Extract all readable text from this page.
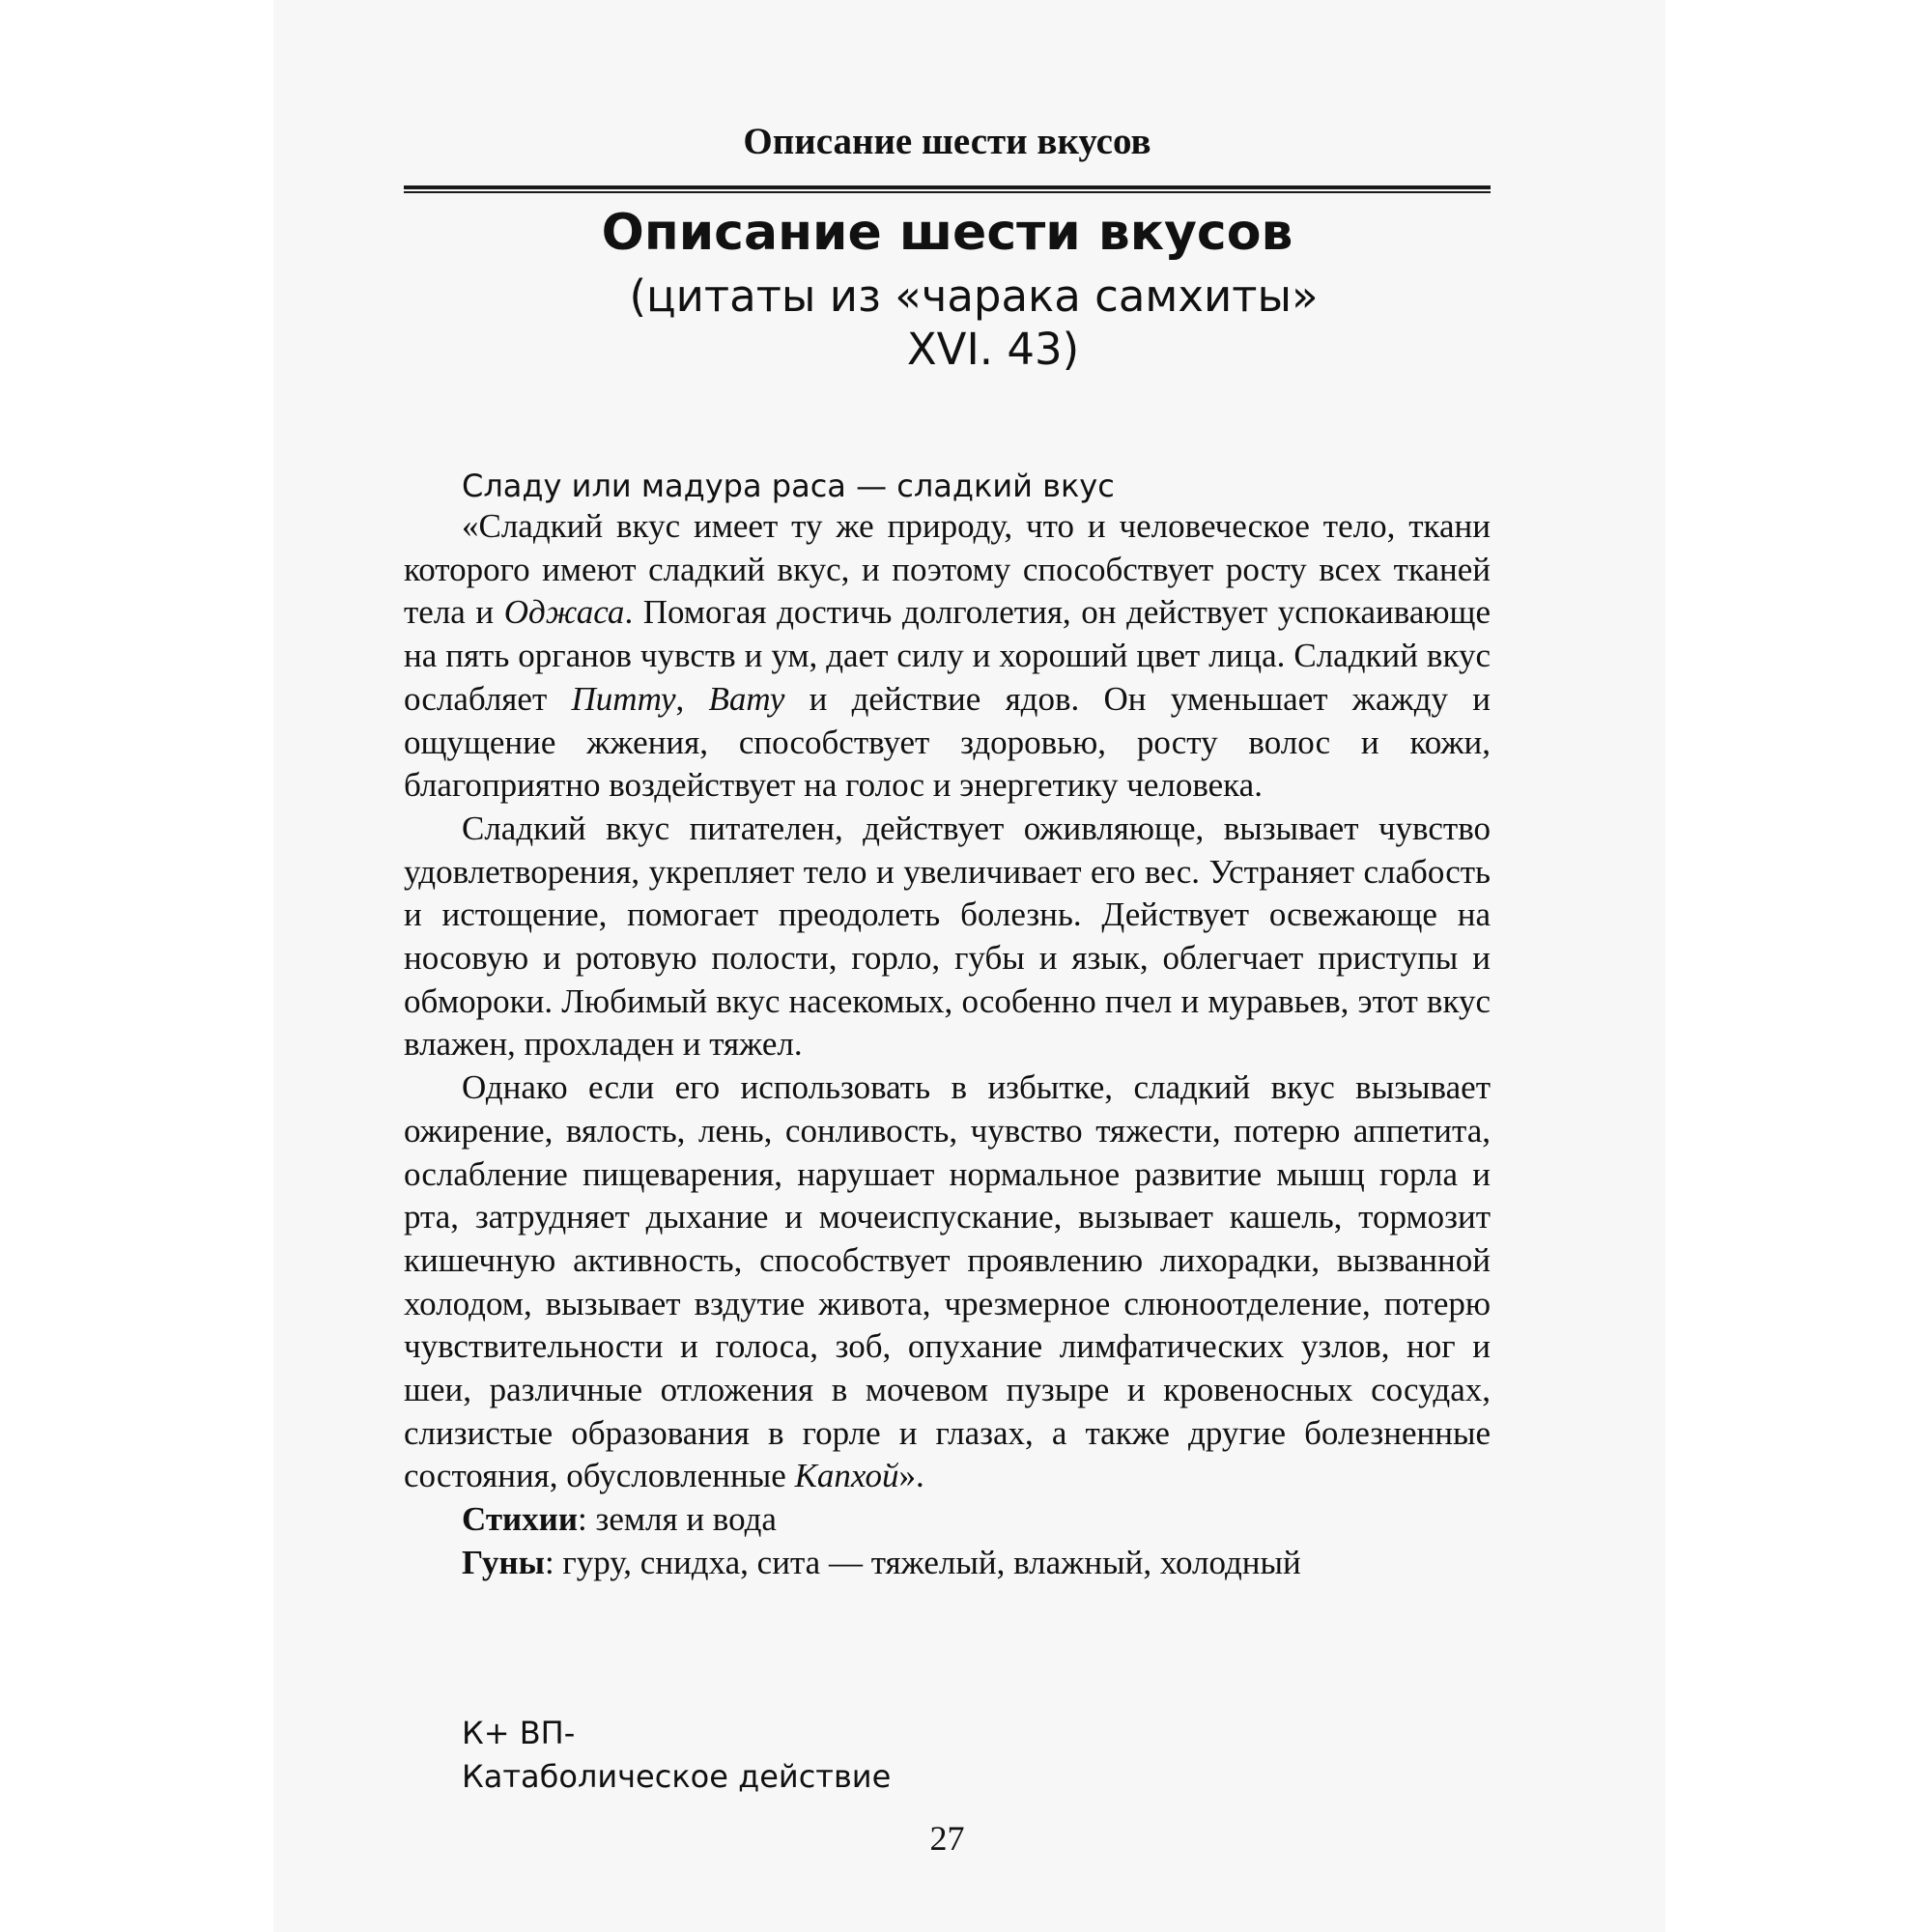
Описание шести вкусов
Описание шести вкусов
(цитаты из «чарака самхиты»
XVI. 43)
Сладу или мадура раса — сладкий вкус

«Сладкий вкус имеет ту же природу, что и человеческое тело, ткани которого имеют сладкий вкус, и поэтому способствует росту всех тканей тела и Оджаса. Помогая достичь долголетия, он действует успокаивающе на пять органов чувств и ум, дает силу и хороший цвет лица. Сладкий вкус ослабляет Питту, Вату и действие ядов. Он уменьшает жажду и ощущение жжения, способствует здоровью, росту волос и кожи, благоприятно воздействует на голос и энергетику человека.

Сладкий вкус питателен, действует оживляюще, вызывает чувство удовлетворения, укрепляет тело и увеличивает его вес. Устраняет слабость и истощение, помогает преодолеть болезнь. Действует освежающе на носовую и ротовую полости, горло, губы и язык, облегчает приступы и обмороки. Любимый вкус насекомых, особенно пчел и муравьев, этот вкус влажен, прохладен и тяжел.

Однако если его использовать в избытке, сладкий вкус вызывает ожирение, вялость, лень, сонливость, чувство тяжести, потерю аппетита, ослабление пищеварения, нарушает нормальное развитие мышц горла и рта, затрудняет дыхание и мочеиспускание, вызывает кашель, тормозит кишечную активность, способствует проявлению лихорадки, вызванной холодом, вызывает вздутие живота, чрезмерное слюноотделение, потерю чувствительности и голоса, зоб, опухание лимфатических узлов, ног и шеи, различные отложения в мочевом пузыре и кровеносных сосудах, слизистые образования в горле и глазах, а также другие болезненные состояния, обусловленные Капхой».

Стихии: земля и вода

Гуны: гуру, снидха, сита — тяжелый, влажный, холодный

К+ ВП-
Катаболическое действие
27
